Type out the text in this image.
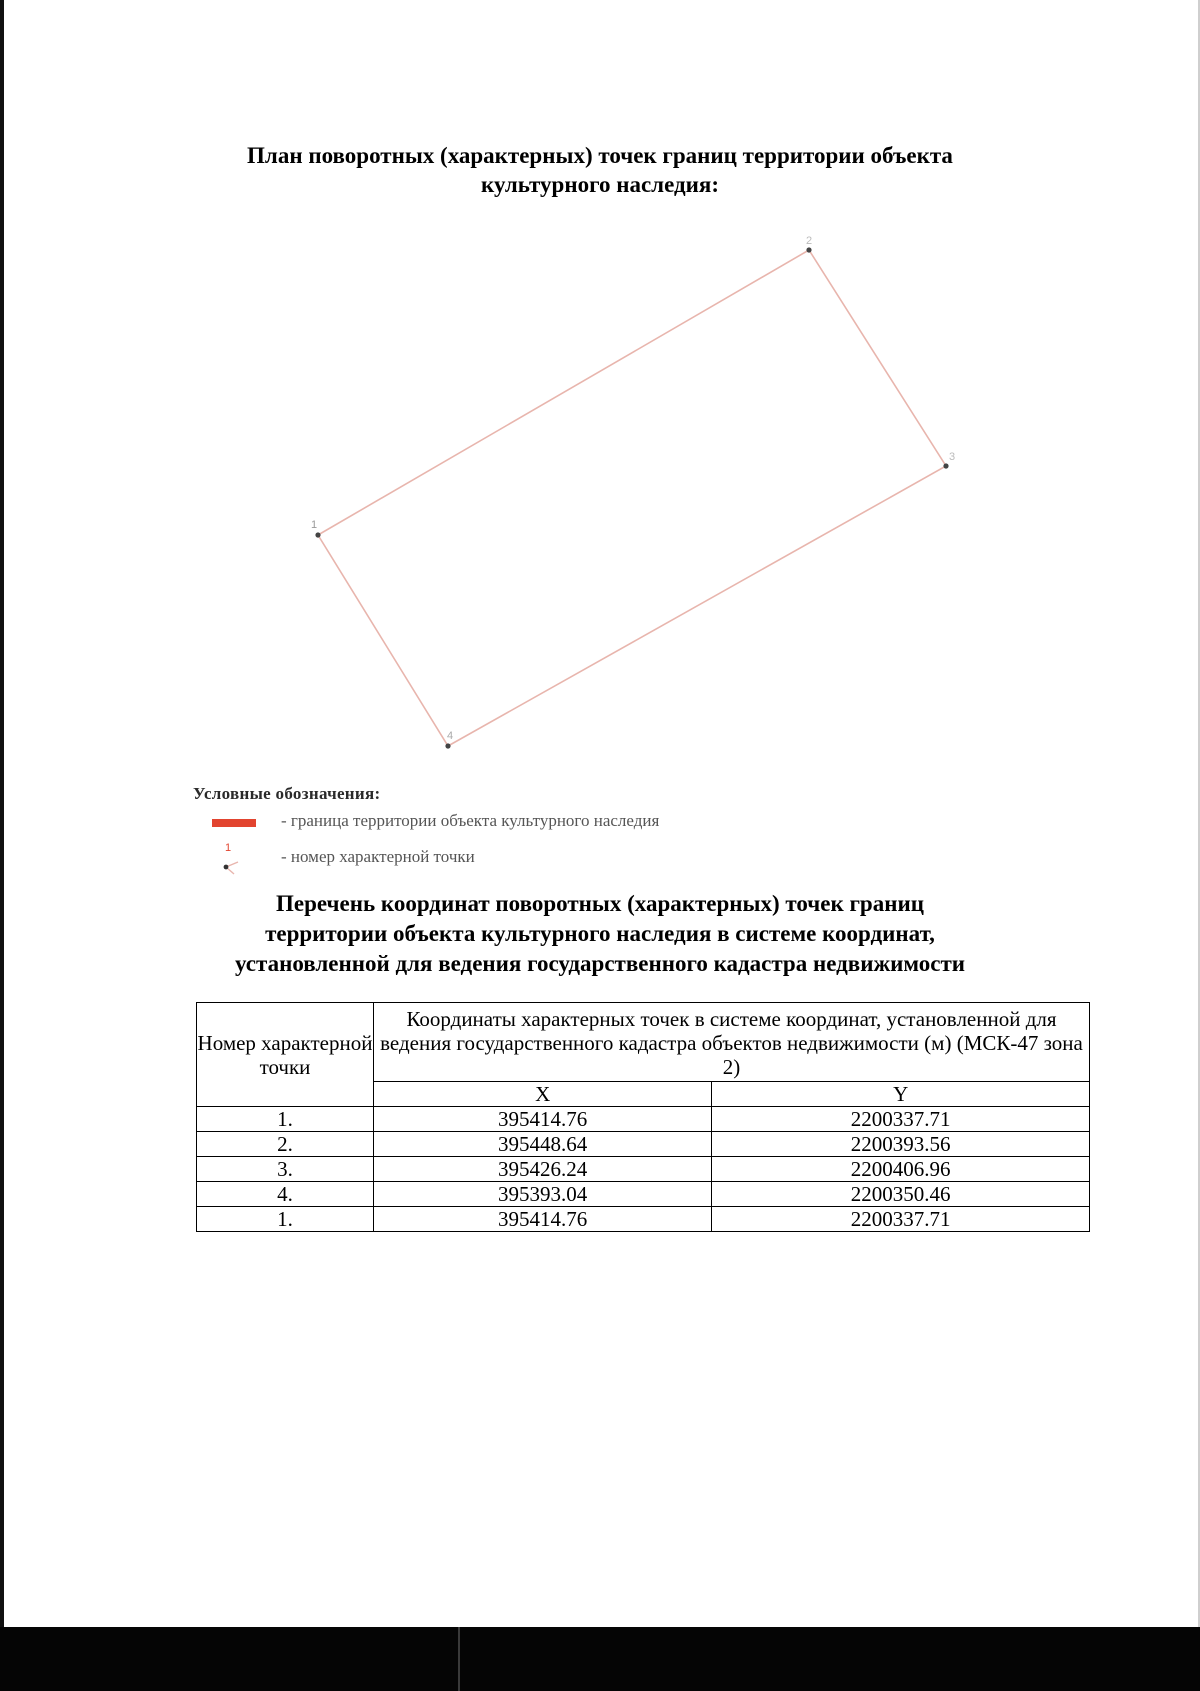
План поворотных (характерных) точек границ территории объекта
культурного наследия:
1
2
3
4
Условные обозначения:
- граница территории объекта культурного наследия
1	- номер характерной точки
Перечень координат поворотных (характерных) точек границ
территории объекта культурного наследия в системе координат,
установленной для ведения государственного кадастра недвижимости
Номер характерной точки	Координаты характерных точек в системе координат, установленной для ведения государственного кадастра объектов недвижимости (м) (МСК-47 зона 2)	
	X	Y
1.	395414.76	2200337.71
2.	395448.64	2200393.56
3.	395426.24	2200406.96
4.	395393.04	2200350.46
1.	395414.76	2200337.71
